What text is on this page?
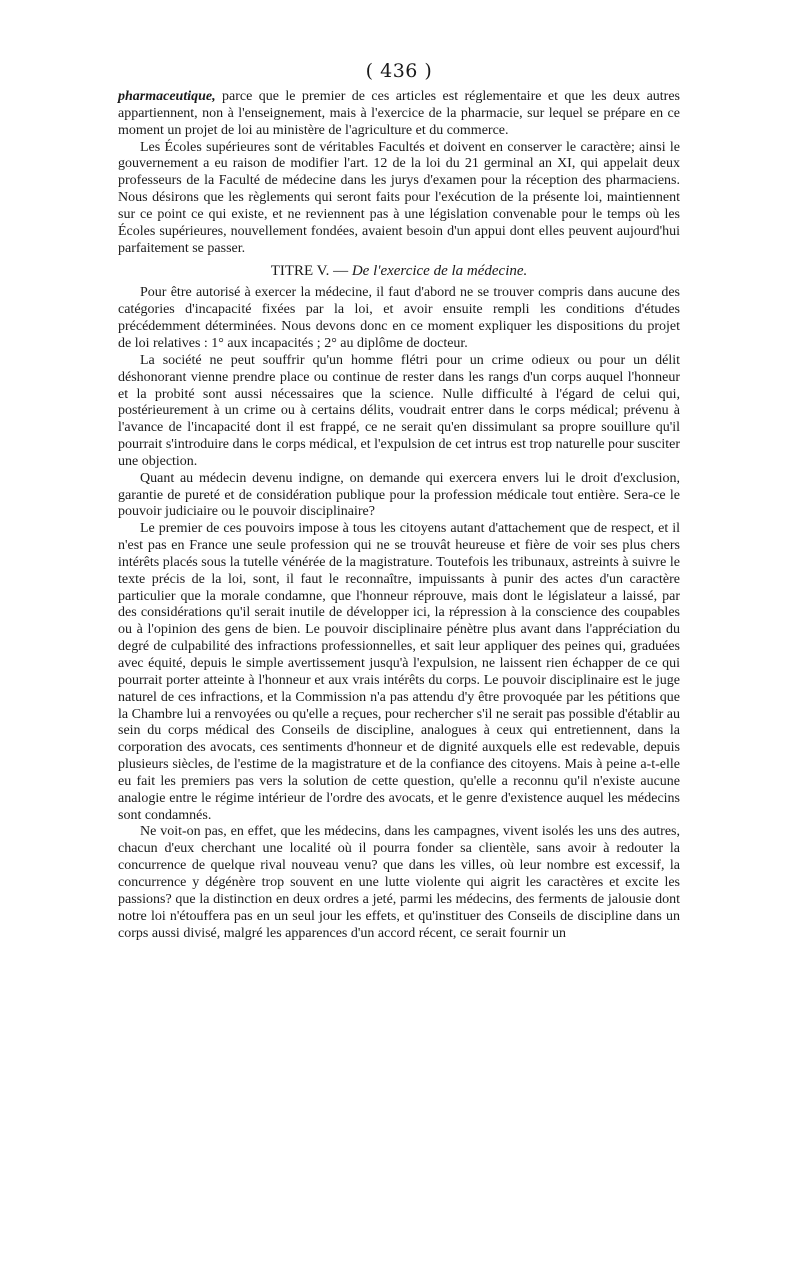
( 436 )

pharmaceutique, parce que le premier de ces articles est réglementaire et que les deux autres appartiennent, non à l'enseignement, mais à l'exercice de la pharmacie, sur lequel se prépare en ce moment un projet de loi au ministère de l'agriculture et du commerce.

Les Écoles supérieures sont de véritables Facultés et doivent en conserver le caractère; ainsi le gouvernement a eu raison de modifier l'art. 12 de la loi du 21 germinal an XI, qui appelait deux professeurs de la Faculté de médecine dans les jurys d'examen pour la réception des pharmaciens. Nous désirons que les règlements qui seront faits pour l'exécution de la présente loi, maintiennent sur ce point ce qui existe, et ne reviennent pas à une législation convenable pour le temps où les Écoles supérieures, nouvellement fondées, avaient besoin d'un appui dont elles peuvent aujourd'hui parfaitement se passer.

TITRE V. — De l'exercice de la médecine.

Pour être autorisé à exercer la médecine, il faut d'abord ne se trouver compris dans aucune des catégories d'incapacité fixées par la loi, et avoir ensuite rempli les conditions d'études précédemment déterminées. Nous devons donc en ce moment expliquer les dispositions du projet de loi relatives : 1° aux incapacités ; 2° au diplôme de docteur.

La société ne peut souffrir qu'un homme flétri pour un crime odieux ou pour un délit déshonorant vienne prendre place ou continue de rester dans les rangs d'un corps auquel l'honneur et la probité sont aussi nécessaires que la science. Nulle difficulté à l'égard de celui qui, postérieurement à un crime ou à certains délits, voudrait entrer dans le corps médical; prévenu à l'avance de l'incapacité dont il est frappé, ce ne serait qu'en dissimulant sa propre souillure qu'il pourrait s'introduire dans le corps médical, et l'expulsion de cet intrus est trop naturelle pour susciter une objection.

Quant au médecin devenu indigne, on demande qui exercera envers lui le droit d'exclusion, garantie de pureté et de considération publique pour la profession médicale tout entière. Sera-ce le pouvoir judiciaire ou le pouvoir disciplinaire?

Le premier de ces pouvoirs impose à tous les citoyens autant d'attachement que de respect, et il n'est pas en France une seule profession qui ne se trouvât heureuse et fière de voir ses plus chers intérêts placés sous la tutelle vénérée de la magistrature. Toutefois les tribunaux, astreints à suivre le texte précis de la loi, sont, il faut le reconnaître, impuissants à punir des actes d'un caractère particulier que la morale condamne, que l'honneur réprouve, mais dont le législateur a laissé, par des considérations qu'il serait inutile de développer ici, la répression à la conscience des coupables ou à l'opinion des gens de bien. Le pouvoir disciplinaire pénètre plus avant dans l'appréciation du degré de culpabilité des infractions professionnelles, et sait leur appliquer des peines qui, graduées avec équité, depuis le simple avertissement jusqu'à l'expulsion, ne laissent rien échapper de ce qui pourrait porter atteinte à l'honneur et aux vrais intérêts du corps. Le pouvoir disciplinaire est le juge naturel de ces infractions, et la Commission n'a pas attendu d'y être provoquée par les pétitions que la Chambre lui a renvoyées ou qu'elle a reçues, pour rechercher s'il ne serait pas possible d'établir au sein du corps médical des Conseils de discipline, analogues à ceux qui entretiennent, dans la corporation des avocats, ces sentiments d'honneur et de dignité auxquels elle est redevable, depuis plusieurs siècles, de l'estime de la magistrature et de la confiance des citoyens. Mais à peine a-t-elle eu fait les premiers pas vers la solution de cette question, qu'elle a reconnu qu'il n'existe aucune analogie entre le régime intérieur de l'ordre des avocats, et le genre d'existence auquel les médecins sont condamnés.

Ne voit-on pas, en effet, que les médecins, dans les campagnes, vivent isolés les uns des autres, chacun d'eux cherchant une localité où il pourra fonder sa clientèle, sans avoir à redouter la concurrence de quelque rival nouveau venu? que dans les villes, où leur nombre est excessif, la concurrence y dégénère trop souvent en une lutte violente qui aigrit les caractères et excite les passions? que la distinction en deux ordres a jeté, parmi les médecins, des ferments de jalousie dont notre loi n'étouffera pas en un seul jour les effets, et qu'instituer des Conseils de discipline dans un corps aussi divisé, malgré les apparences d'un accord récent, ce serait fournir un
